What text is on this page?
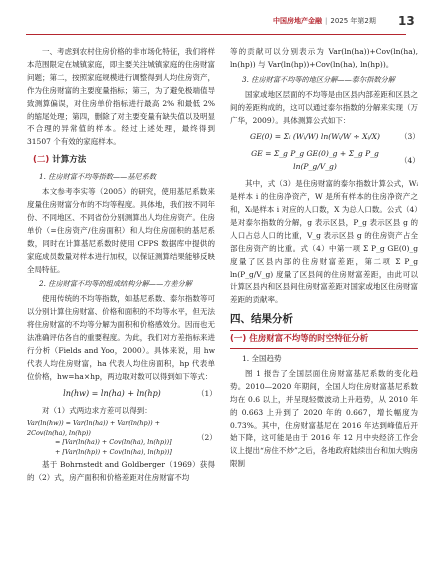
中国房地产金融 | 2025 年第2期 13

一、考虑到农村住房价格的非市场化特征，我们将样本范围限定在城镇家庭，即主要关注城镇家庭的住房财富问题；第二，按照家庭规模进行调整得到人均住房资产，作为住房财富的主要度量指标；第三，为了避免极端值导致测算偏误，对住房单价指标进行最高 2% 和最低 2% 的缩尾处理；第四，删除了对主要变量有缺失值以及明显不合理的异常值的样本。经过上述处理，最终得到 31507 个有效的家庭样本。

(二) 计算方法
1. 住房财富不均等指数——基尼系数

本文参考李实等（2005）的研究，使用基尼系数来度量住房财富分布的不均等程度。具体地，我们按不同年份、不同地区、不同省份分别测算出人均住房资产。住房单价（=住房资产/住房面积）和人均住房面积的基尼系数，同时在计算基尼系数时使用 CFPS 数据库中提供的家庭成员数量对样本进行加权，以保证测算结果能够反映全局特征。

2. 住房财富不均等的组成结构分解——方差分解

使用传统的不均等指数，如基尼系数、泰尔指数等可以分别计算住房财富、价格和面积的不均等水平，但无法将住房财富的不均等分解为面积和价格感效分。因而也无法准确评估各自的重要程度。为此，我们对方差指标来进行分析（Fields and Yoo，2000）。具体来说，用 hw 代表人均住房财富，ha 代表人均住房面积，hp 代表单位价格，hw=ha×hp，两边取对数可以得到如下等式：

ln(hw) = ln(ha) + ln(hp)	（1）

对（1）式两边求方差可以得到：

Var(ln(hw)) = Var(ln(ha)) + Var(ln(hp)) + 2Cov(ln(ha), ln(hp))
= [Var(ln(ha)) + Cov(ln(ha), ln(hp))]
+ [Var(ln(hp)) + Cov(ln(ha), ln(hp))]
（2）

基于 Bohrnstedt and Goldberger（1969）获得的（2）式，房产面积和价格差距对住房财富不均

等的贡献可以分别表示为 Var(ln(ha))+Cov(ln(ha), ln(hp)) 与 Var(ln(hp))+Cov(ln(ha), ln(hp))。

3. 住房财富不均等的地区分解——泰尔指数分解

国家或地区层面的不均等是由区县内部差距和区县之间的差距构成的，这可以通过泰尔指数的分解来实现（万广华，2009）。具体测算公式如下：

GE(0) = Σᵢ (Wᵢ/W) ln(Wᵢ/W ÷ Xᵢ/X)	（3）
GE = Σ_g P_g GE(0)_g + Σ_g P_g ln(P_g/V_g)
（4）

其中，式（3）是住房财富的泰尔指数计算公式，Wᵢ是样本 i 的住房净资产，W 是所有样本的住房净资产之和，Xᵢ是样本 i 对应的人口数，X 为总人口数。公式（4）是对泰尔指数的分解，g 表示区县，P_g 表示区县 g 的人口占总人口的比重，V_g 表示区县 g 的住房资产占全部住房资产的比重。式（4）中第一项 Σ P_g GE(0)_g 度量了区县内部的住房财富差距，第二项 Σ P_g ln(P_g/V_g) 度量了区县间的住房财富差距，由此可以计算区县内和区县间住房财富差距对国家或地区住房财富差距的贡献率。

四、结果分析
(一) 住房财富不均等的时空特征分析
1. 全国趋势

图 1 报告了全国层面住房财富基尼系数的变化趋势。2010—2020 年期间，全国人均住房财富基尼系数均在 0.6 以上，并呈现轻微波动上升趋势，从 2010 年的 0.663 上升到了 2020 年的 0.667，增长幅度为 0.73%。其中，住房财富基尼在 2016 年达到峰值后开始下降，这可能是由于 2016 年 12 月中央经济工作会议上提出“房住不炒”之后，各地政府陆续出台和加大购房限制
